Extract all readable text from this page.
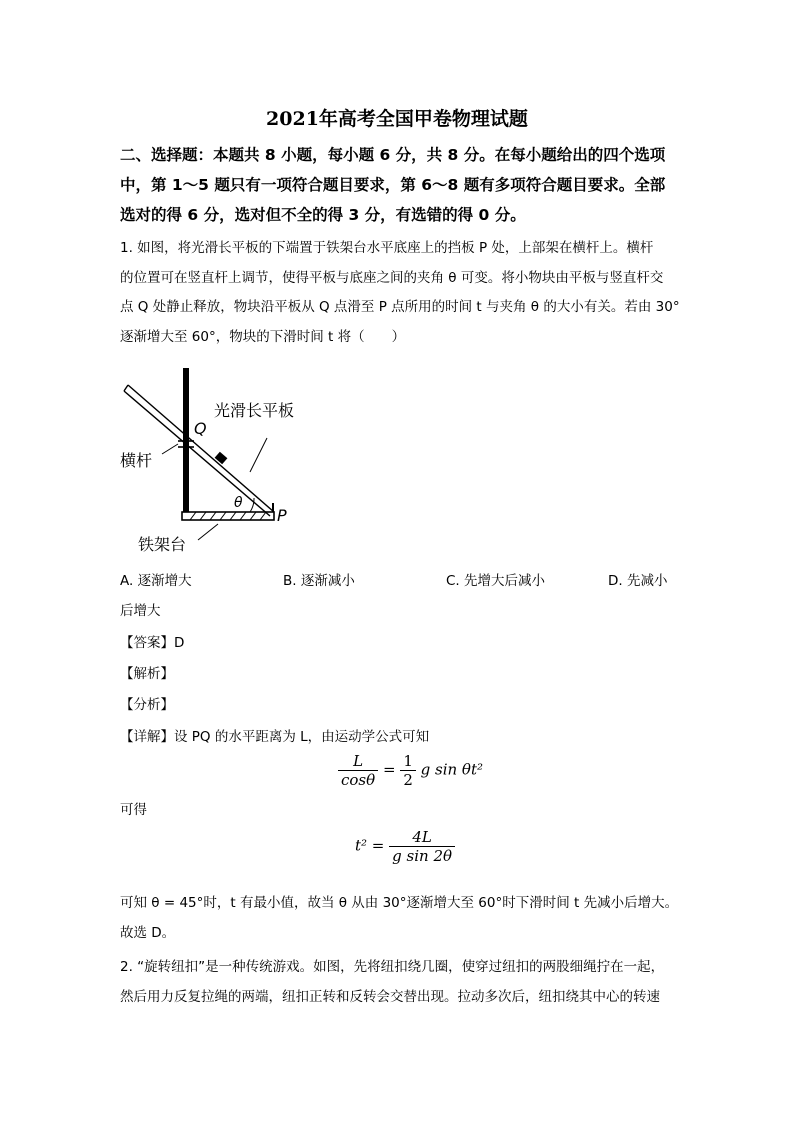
2021年高考全国甲卷物理试题
二、选择题：本题共 8 小题，每小题 6 分，共 8 分。在每小题给出的四个选项
中，第 1～5 题只有一项符合题目要求，第 6～8 题有多项符合题目要求。全部
选对的得 6 分，选对但不全的得 3 分，有选错的得 0 分。
1. 如图，将光滑长平板的下端置于铁架台水平底座上的挡板 P 处，上部架在横杆上。横杆
的位置可在竖直杆上调节，使得平板与底座之间的夹角 θ 可变。将小物块由平板与竖直杆交
点 Q 处静止释放，物块沿平板从 Q 点滑至 P 点所用的时间 t 与夹角 θ 的大小有关。若由 30°
逐渐增大至 60°，物块的下滑时间 t 将（　　）
光滑长平板
Q
横杆
θ
P
铁架台
A. 逐渐增大	B. 逐渐减小	C. 先增大后减小	D. 先减小
后增大
【答案】D
【解析】
【分析】
【详解】设 PQ 的水平距离为 L，由运动学公式可知
$\frac{L}{\cos\theta} = \frac{1}{2}$ g sin θt²
可得
$t^2 = \frac{4L}{\text{g sin 2θ}}$
可知 θ = 45°时，t 有最小值，故当 θ 从由 30°逐渐增大至 60°时下滑时间 t 先减小后增大。
故选 D。
2. “旋转纽扣”是一种传统游戏。如图，先将纽扣绕几圈，使穿过纽扣的两股细绳拧在一起，
然后用力反复拉绳的两端，纽扣正转和反转会交替出现。拉动多次后，纽扣绕其中心的转速
